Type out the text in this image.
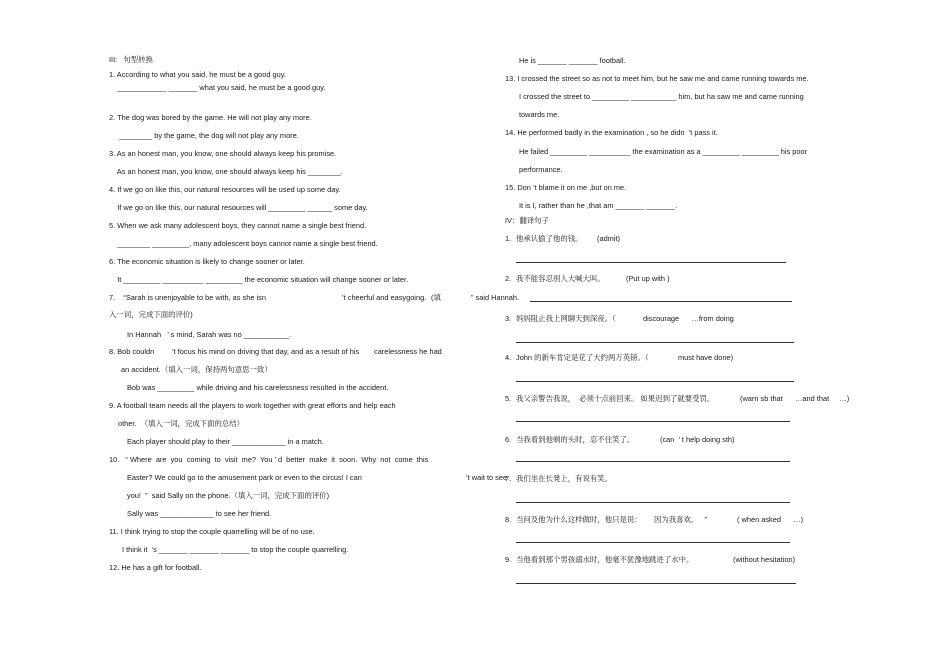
III:   句型转换
1. According to what you said, he must be a good guy.
____________ _______ what you said, he must be a good guy.
2. The dog was bored by the game. He will not play any more.
________ by the game, the dog will not play any more.
3. As an honest man, you know, one should always keep his promise.
As an honest man, you know, one should always keep his ________.
4. If we go on like this, our natural resources will be used up some day.
If we go on like this, our natural resources will _________ ______ some day.
5. When we ask many adolescent boys, they cannot name a single best friend.
________ _________, many adolescent boys cannot name a single best friend.
6. The economic situation is likely to change sooner or later.
It _________ __________ _________ the economic situation will change sooner or later.
7.    “Sarah is unenjoyable to be with, as she isn	’t cheerful and easygoing.	” said Hannah.
(填
入一词，完成下面的评价)
In Hannah   ’ s mind, Sarah was no ___________.
8. Bob couldn ’t focus his mind on driving that day, and as a result of his carelessness he had
an accident.（填入一词，保持两句意思一致）
Bob was _________ while driving and his carelessness resulted in the accident.
9. A football team needs all the players to work together with great efforts and help each
other.  （填入一词，完成下面的总结）
Each player should play to their _____________ in a match.
10.   “ Where  are  you  coming  to  visit  me?  You ’ d  better  make  it  soon.  Why  not  come  this
Easter? We could go to the amusement park or even to the circus! I can	’t wait to see
you!  ”  said Sally on the phone.（填入一词，完成下面的评价)
Sally was _____________ to see her friend.
11. I think trying to stop the couple quarrelling will be of no use.
I think it  ’s _______ _______ _______ to stop the couple quarrelling.
12. He has a gift for football.
He is _______ _______ football.
13. I crossed the street so as not to meet him, but he saw me and came running towards me.
I crossed the street to _________ ___________ him, but ha saw me and came running
towards me.
14. He performed badly in the examination , so he didn  ’t pass it.
He failed _________ __________ the examination as a _________ _________ his poor
performance.
15. Don ’t blame it on me ,but on me.
It is I, rather than he ,that am _______ _______.
IV：翻译句子
1. 他承认偷了他的钱。 (admit)
2. 我不能容忍别人大喊大叫。	(Put up with )
3. 妈妈阻止我上网聊天到深夜。（	discourage      …from doing
4. John 的新车肯定是花了大约两万英镑。（	must have done)
5. 我父亲警告我说，  必须十点前回来。 如果迟到了就要受罚。	(warn sb that      …and that     …)
6. 当我看到他剃的头时，忍不住笑了。	(can  ’ t help doing sth)
7. 我们坐在长凳上，有说有笑。
8. 当问及他为什么这样做时，他只是说：      因为我喜欢。   ”	( when asked      …)
9. 当他看到那个男孩溺水时，他毫不犹豫地跳进了水中。	(without hesitation)
